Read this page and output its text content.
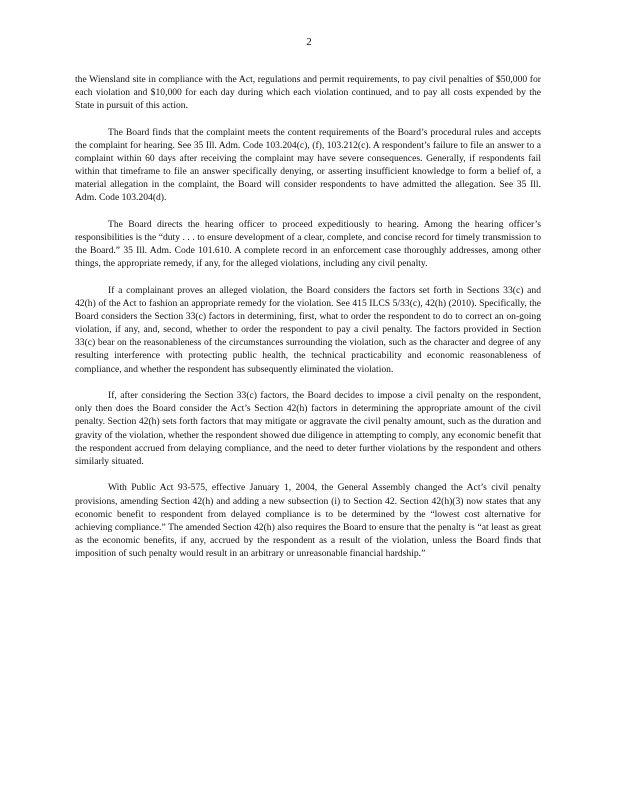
2

the Wiensland site in compliance with the Act, regulations and permit requirements, to pay civil penalties of $50,000 for each violation and $10,000 for each day during which each violation continued, and to pay all costs expended by the State in pursuit of this action.

The Board finds that the complaint meets the content requirements of the Board’s procedural rules and accepts the complaint for hearing. See 35 Ill. Adm. Code 103.204(c), (f), 103.212(c). A respondent’s failure to file an answer to a complaint within 60 days after receiving the complaint may have severe consequences. Generally, if respondents fail within that timeframe to file an answer specifically denying, or asserting insufficient knowledge to form a belief of, a material allegation in the complaint, the Board will consider respondents to have admitted the allegation. See 35 Ill. Adm. Code 103.204(d).

The Board directs the hearing officer to proceed expeditiously to hearing. Among the hearing officer’s responsibilities is the “duty . . . to ensure development of a clear, complete, and concise record for timely transmission to the Board.” 35 Ill. Adm. Code 101.610. A complete record in an enforcement case thoroughly addresses, among other things, the appropriate remedy, if any, for the alleged violations, including any civil penalty.

If a complainant proves an alleged violation, the Board considers the factors set forth in Sections 33(c) and 42(h) of the Act to fashion an appropriate remedy for the violation. See 415 ILCS 5/33(c), 42(h) (2010). Specifically, the Board considers the Section 33(c) factors in determining, first, what to order the respondent to do to correct an on-going violation, if any, and, second, whether to order the respondent to pay a civil penalty. The factors provided in Section 33(c) bear on the reasonableness of the circumstances surrounding the violation, such as the character and degree of any resulting interference with protecting public health, the technical practicability and economic reasonableness of compliance, and whether the respondent has subsequently eliminated the violation.

If, after considering the Section 33(c) factors, the Board decides to impose a civil penalty on the respondent, only then does the Board consider the Act’s Section 42(h) factors in determining the appropriate amount of the civil penalty. Section 42(h) sets forth factors that may mitigate or aggravate the civil penalty amount, such as the duration and gravity of the violation, whether the respondent showed due diligence in attempting to comply, any economic benefit that the respondent accrued from delaying compliance, and the need to deter further violations by the respondent and others similarly situated.

With Public Act 93-575, effective January 1, 2004, the General Assembly changed the Act’s civil penalty provisions, amending Section 42(h) and adding a new subsection (i) to Section 42. Section 42(h)(3) now states that any economic benefit to respondent from delayed compliance is to be determined by the “lowest cost alternative for achieving compliance.” The amended Section 42(h) also requires the Board to ensure that the penalty is “at least as great as the economic benefits, if any, accrued by the respondent as a result of the violation, unless the Board finds that imposition of such penalty would result in an arbitrary or unreasonable financial hardship.”
